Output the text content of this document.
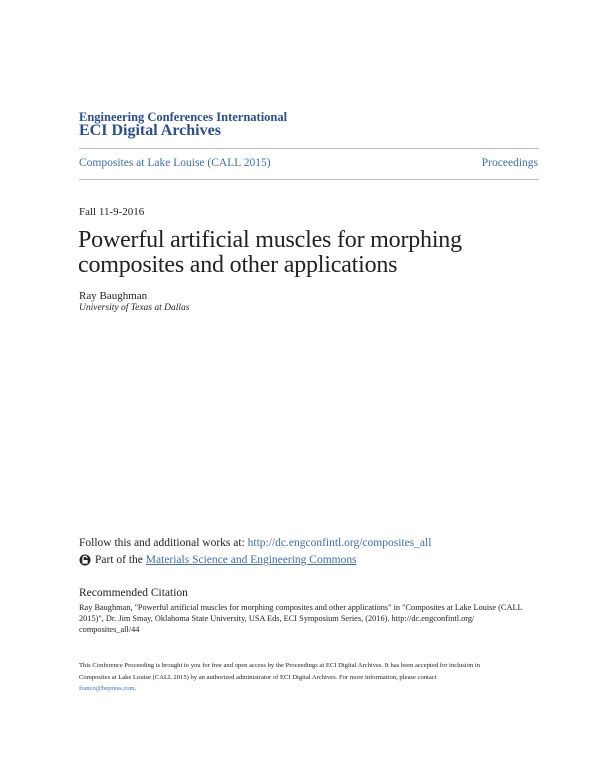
Engineering Conferences International
ECI Digital Archives
Composites at Lake Louise (CALL 2015)	Proceedings
Fall 11-9-2016
Powerful artificial muscles for morphing composites and other applications
Ray Baughman
University of Texas at Dallas
Follow this and additional works at: http://dc.engconfintl.org/composites_all
Part of the
Materials Science and Engineering Commons
Recommended Citation
Ray Baughman, "Powerful artificial muscles for morphing composites and other applications" in "Composites at Lake Louise (CALL
2015)", Dr. Jim Smay, Oklahoma State University, USA Eds, ECI Symposium Series, (2016). http://dc.engconfintl.org/
composites_all/44
This Conference Proceeding is brought to you for free and open access by the Proceedings at ECI Digital Archives. It has been accepted for inclusion in
Composites at Lake Louise (CALL 2015) by an authorized administrator of ECI Digital Archives. For more information, please contact
franco@bepress.com.
